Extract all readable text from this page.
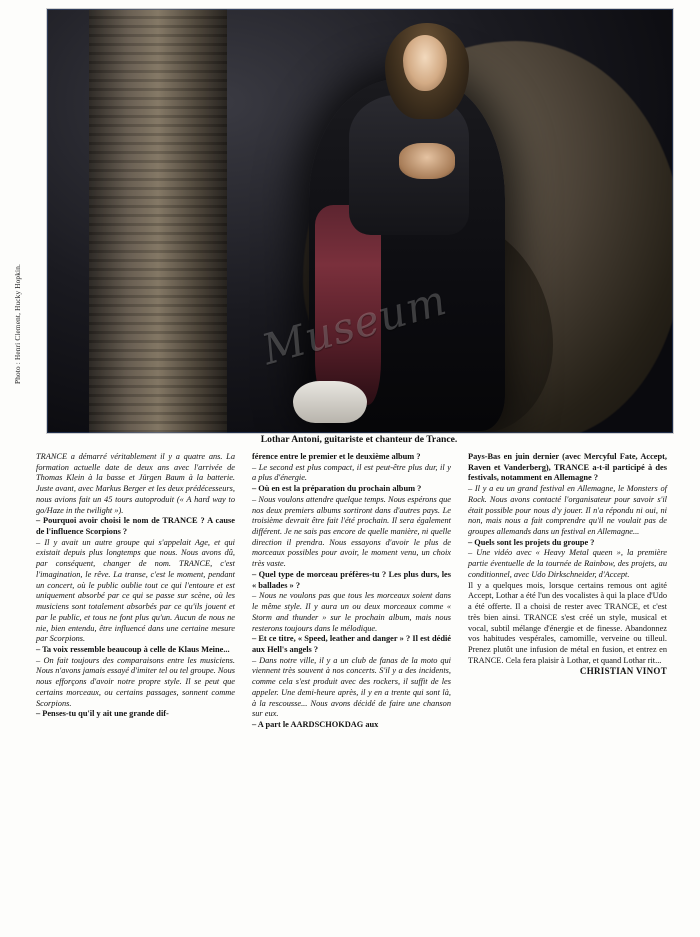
Museum
Photo : Henri Clement, Hucky Hopkin.
Lothar Antoni, guitariste et chanteur de Trance.

TRANCE a démarré véritablement il y a quatre ans. La formation actuelle date de deux ans avec l'arrivée de Thomas Klein à la basse et Jürgen Baum à la batterie. Juste avant, avec Markus Berger et les deux prédécesseurs, nous avions fait un 45 tours autoproduit (« A hard way to go/Haze in the twilight »).

– Pourquoi avoir choisi le nom de TRANCE ? A cause de l'influence Scorpions ?

– Il y avait un autre groupe qui s'appelait Age, et qui existait depuis plus longtemps que nous. Nous avons dû, par conséquent, changer de nom. TRANCE, c'est l'imagination, le rêve. La transe, c'est le moment, pendant un concert, où le public oublie tout ce qui l'entoure et est uniquement absorbé par ce qui se passe sur scène, où les musiciens sont totalement absorbés par ce qu'ils jouent et par le public, et tous ne font plus qu'un. Aucun de nous ne nie, bien entendu, être influencé dans une certaine mesure par Scorpions.

– Ta voix ressemble beaucoup à celle de Klaus Meine...

– On fait toujours des comparaisons entre les musiciens. Nous n'avons jamais essayé d'imiter tel ou tel groupe. Nous nous efforçons d'avoir notre propre style. Il se peut que certains morceaux, ou certains passages, sonnent comme Scorpions.

– Penses-tu qu'il y ait une grande dif-

férence entre le premier et le deuxième album ?

– Le second est plus compact, il est peut-être plus dur, il y a plus d'énergie.

– Où en est la préparation du prochain album ?

– Nous voulons attendre quelque temps. Nous espérons que nos deux premiers albums sortiront dans d'autres pays. Le troisième devrait être fait l'été prochain. Il sera également différent. Je ne sais pas encore de quelle manière, ni quelle direction il prendra. Nous essayons d'avoir le plus de morceaux possibles pour avoir, le moment venu, un choix très vaste.

– Quel type de morceau préfères-tu ? Les plus durs, les « ballades » ?

– Nous ne voulons pas que tous les morceaux soient dans le même style. Il y aura un ou deux morceaux comme « Storm and thunder » sur le prochain album, mais nous resterons toujours dans le mélodique.

– Et ce titre, « Speed, leather and danger » ? Il est dédié aux Hell's angels ?

– Dans notre ville, il y a un club de fanas de la moto qui viennent très souvent à nos concerts. S'il y a des incidents, comme cela s'est produit avec des rockers, il suffit de les appeler. Une demi-heure après, il y en a trente qui sont là, à la rescousse... Nous avons décidé de faire une chanson sur eux.

– A part le AARDSCHOKDAG aux

Pays-Bas en juin dernier (avec Mercyful Fate, Accept, Raven et Vanderberg), TRANCE a-t-il participé à des festivals, notamment en Allemagne ?

– Il y a eu un grand festival en Allemagne, le Monsters of Rock. Nous avons contacté l'organisateur pour savoir s'il était possible pour nous d'y jouer. Il n'a répondu ni oui, ni non, mais nous a fait comprendre qu'il ne voulait pas de groupes allemands dans un festival en Allemagne...

– Quels sont les projets du groupe ?

– Une vidéo avec « Heavy Metal queen », la première partie éventuelle de la tournée de Rainbow, des projets, au conditionnel, avec Udo Dirkschneider, d'Accept.

Il y a quelques mois, lorsque certains remous ont agité Accept, Lothar a été l'un des vocalistes à qui la place d'Udo a été offerte. Il a choisi de rester avec TRANCE, et c'est très bien ainsi. TRANCE s'est créé un style, musical et vocal, subtil mélange d'énergie et de finesse. Abandonnez vos habitudes vespérales, camomille, verveine ou tilleul. Prenez plutôt une infusion de métal en fusion, et entrez en TRANCE. Cela fera plaisir à Lothar, et quand Lothar rit...

CHRISTIAN VINOT
